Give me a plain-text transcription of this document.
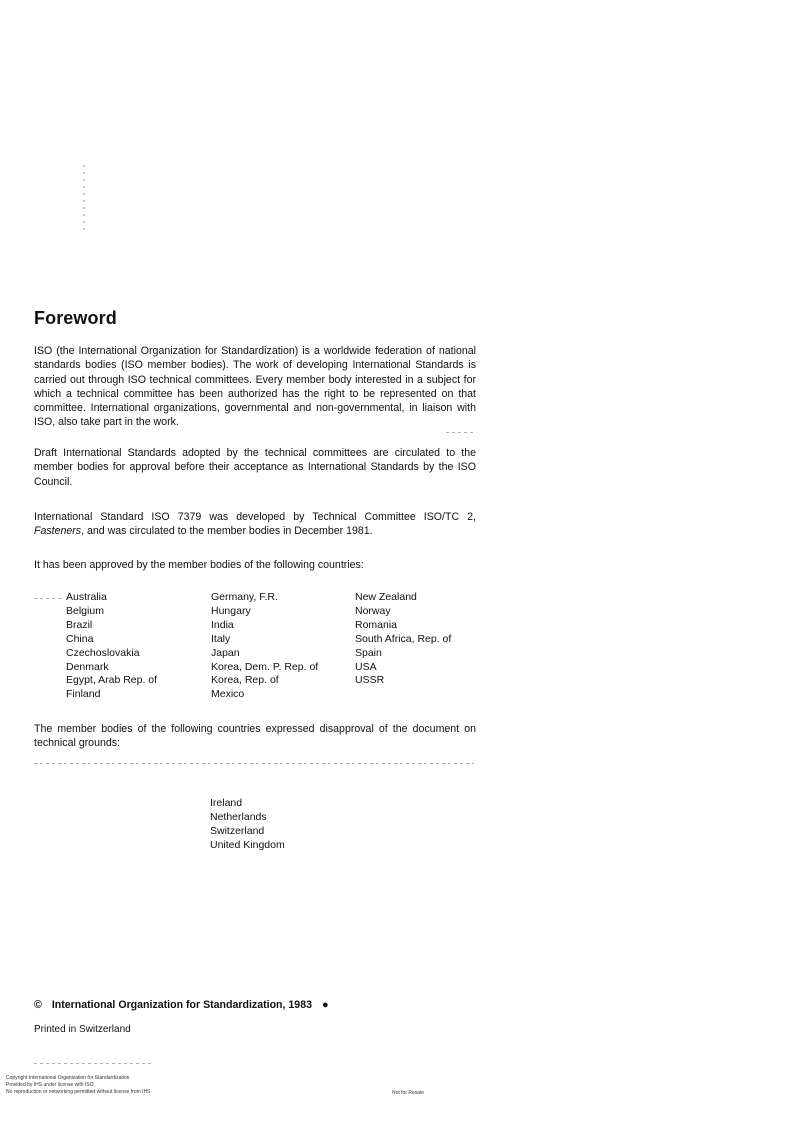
Foreword
ISO (the International Organization for Standardization) is a worldwide federation of national standards bodies (ISO member bodies). The work of developing International Standards is carried out through ISO technical committees. Every member body interested in a subject for which a technical committee has been authorized has the right to be represented on that committee. International organizations, governmental and non-governmental, in liaison with ISO, also take part in the work.
Draft International Standards adopted by the technical committees are circulated to the member bodies for approval before their acceptance as International Standards by the ISO Council.
International Standard ISO 7379 was developed by Technical Committee ISO/TC 2, Fasteners, and was circulated to the member bodies in December 1981.
It has been approved by the member bodies of the following countries:
Australia
Belgium
Brazil
China
Czechoslovakia
Denmark
Egypt, Arab Rep. of
Finland
Germany, F.R.
Hungary
India
Italy
Japan
Korea, Dem. P. Rep. of
Korea, Rep. of
Mexico
New Zealand
Norway
Romania
South Africa, Rep. of
Spain
USA
USSR
The member bodies of the following countries expressed disapproval of the document on technical grounds:
Ireland
Netherlands
Switzerland
United Kingdom
© International Organization for Standardization, 1983 ●
Printed in Switzerland
Copyright International Organization for Standardization
Provided by IHS under license with ISO
No reproduction or networking permitted without license from IHS	Not for Resale
